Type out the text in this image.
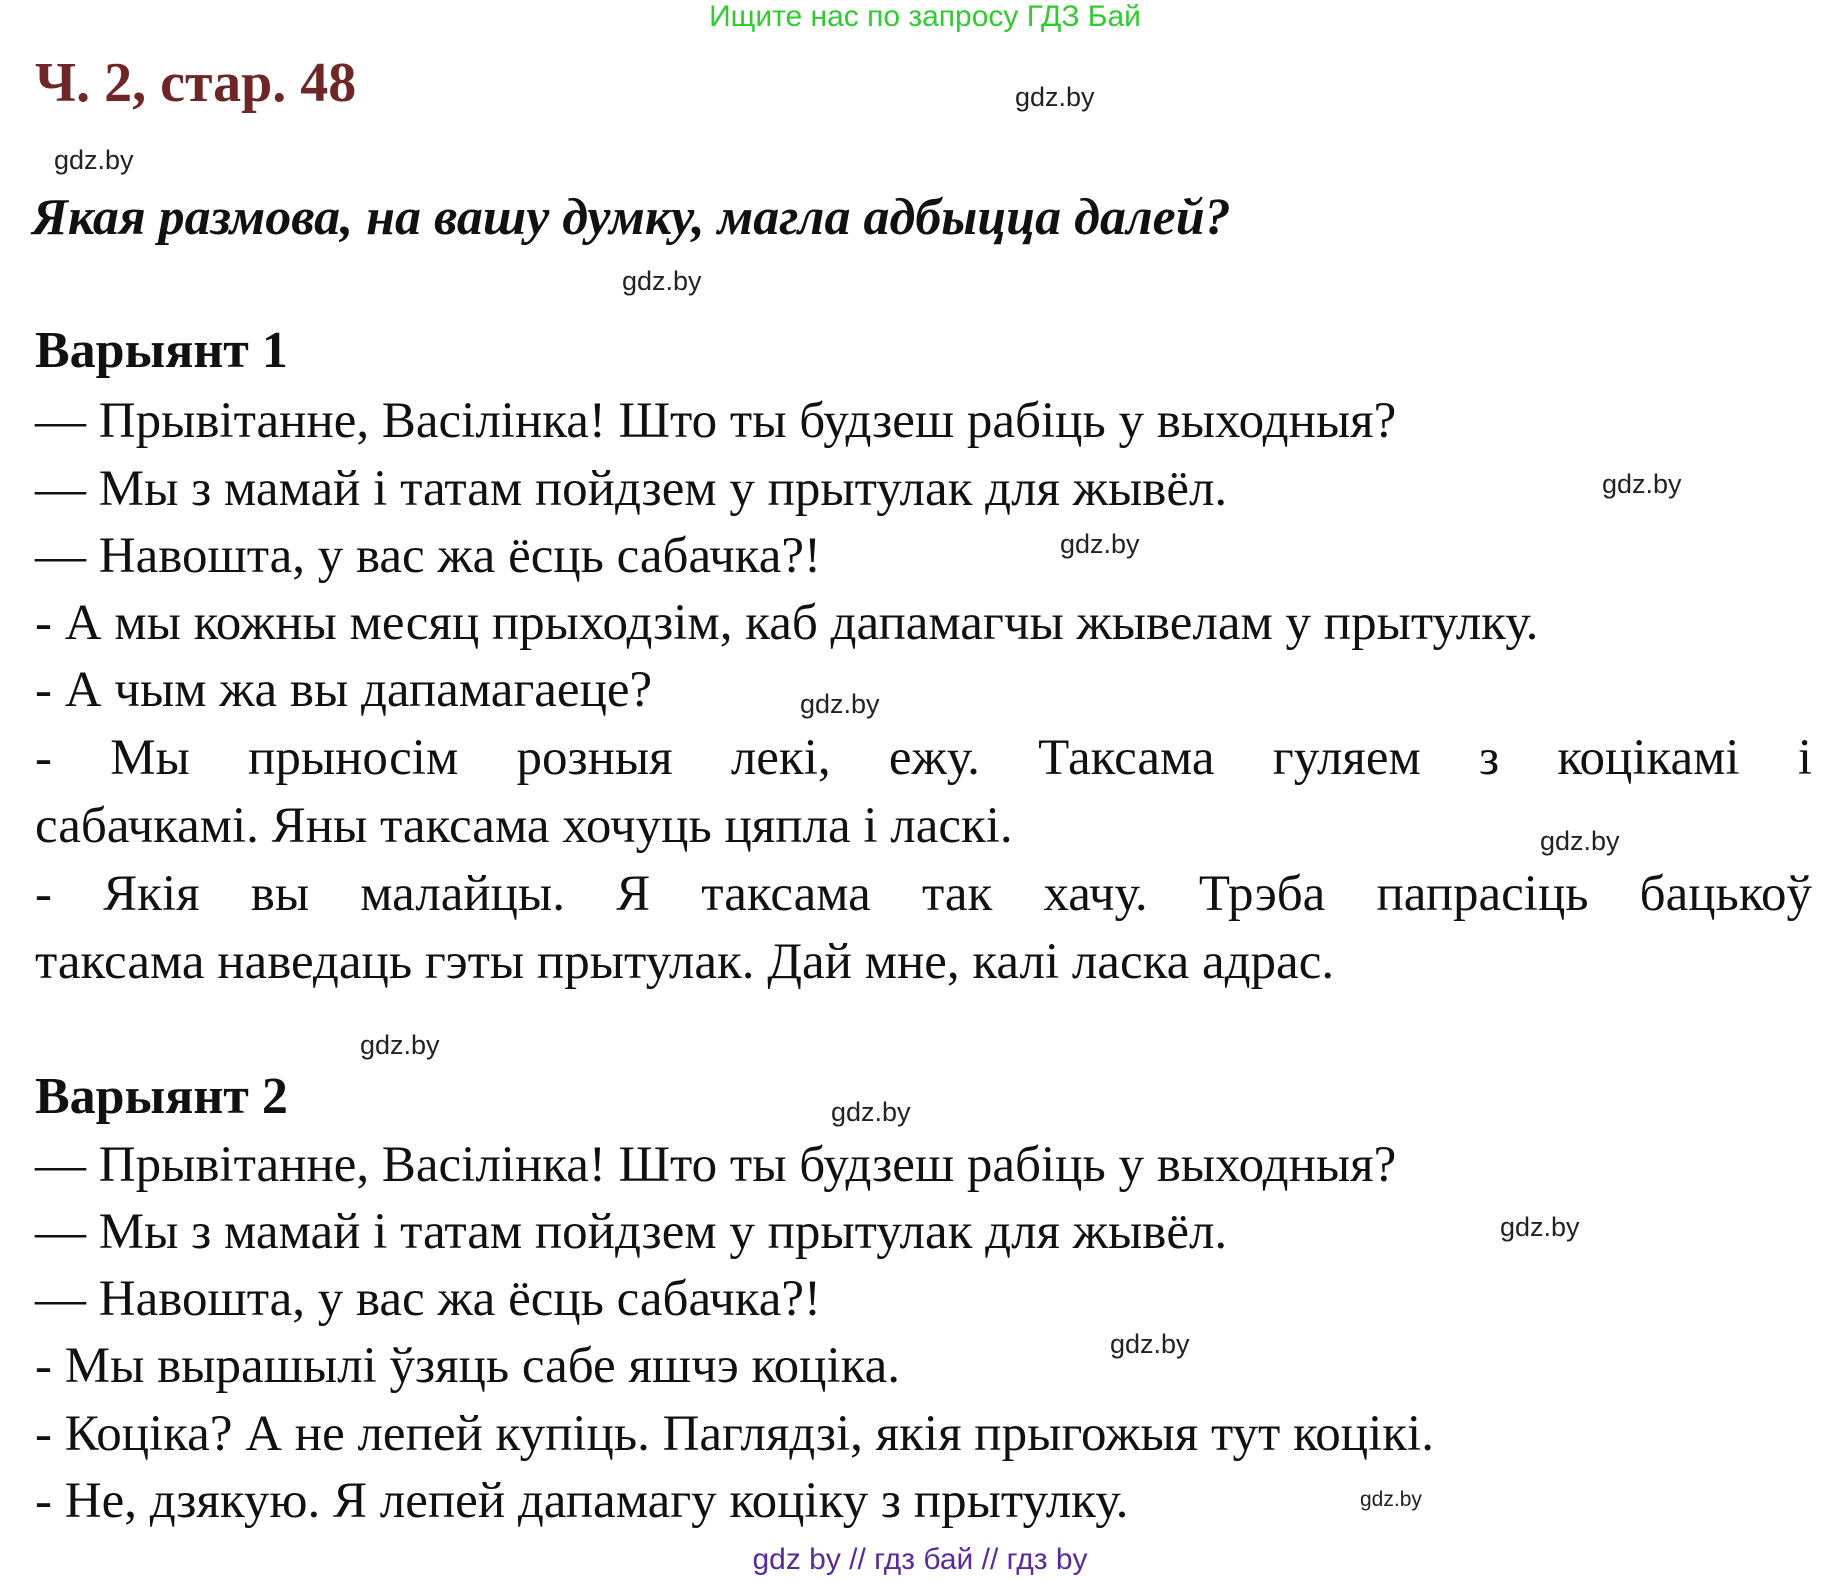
Ищите нас по запросу ГДЗ Бай
Ч. 2, стар. 48
Якая размова, на вашу думку, магла адбыцца далей?
Варыянт 1
— Прывітанне, Васілінка! Што ты будзеш рабіць у выходныя?
— Мы з мамай і татам пойдзем у прытулак для жывёл.
— Навошта, у вас жа ёсць сабачка?!
- А мы кожны месяц прыходзім, каб дапамагчы жывелам у прытулку.
- А чым жа вы дапамагаеце?
- Мы прыносім розныя лекі, ежу. Таксама гуляем з коцікамі і
сабачкамі. Яны таксама хочуць цяпла і ласкі.
- Якія вы малайцы. Я таксама так хачу. Трэба папрасіць бацькоў
таксама наведаць гэты прытулак. Дай мне, калі ласка адрас.
Варыянт 2
— Прывітанне, Васілінка! Што ты будзеш рабіць у выходныя?
— Мы з мамай і татам пойдзем у прытулак для жывёл.
— Навошта, у вас жа ёсць сабачка?!
- Мы вырашылі ўзяць сабе яшчэ коціка.
- Коціка? А не лепей купіць. Паглядзі, якія прыгожыя тут коцікі.
- Не, дзякую. Я лепей дапамагу коціку з прытулку.
gdz.by
gdz.by
gdz.by
gdz.by
gdz.by
gdz.by
gdz.by
gdz.by
gdz.by
gdz.by
gdz.by
gdz.by
gdz by // гдз бай // гдз by
